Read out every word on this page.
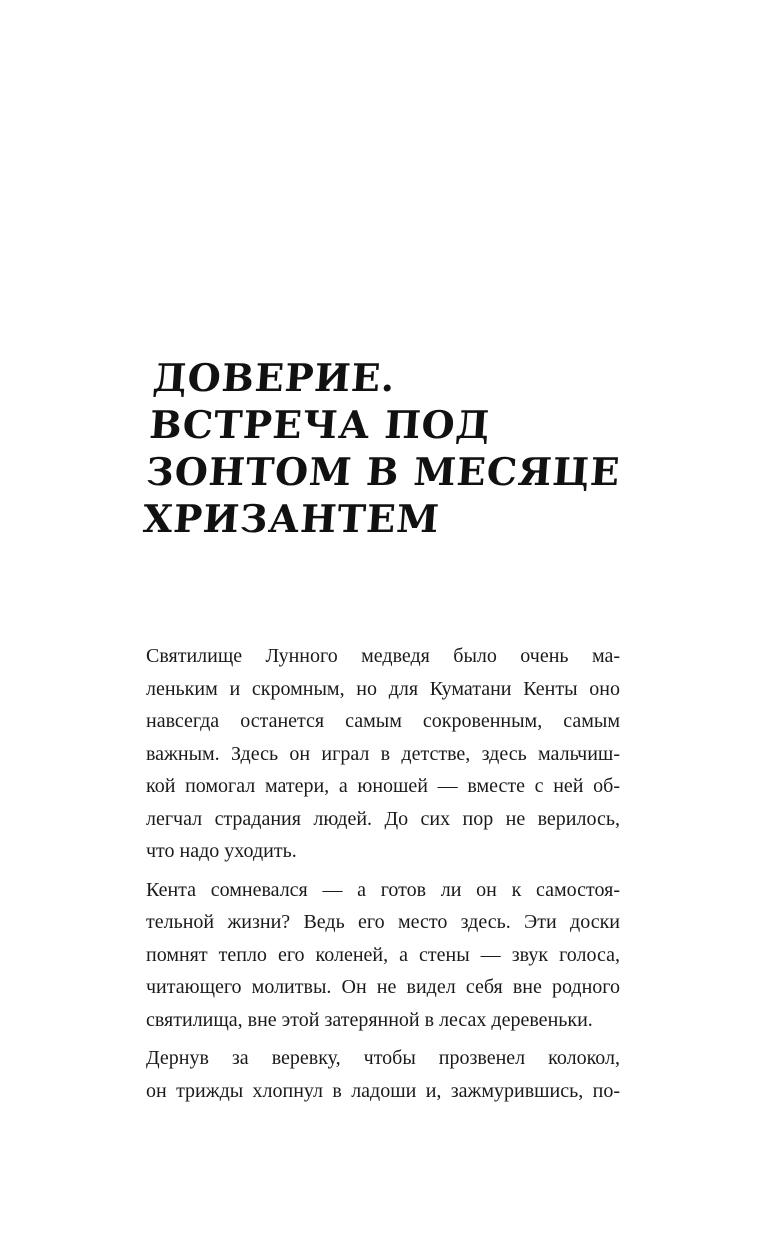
ДОВЕРИЕ.
ВСТРЕЧА ПОД
ЗОНТОМ В МЕСЯЦЕ
ХРИЗАНТЕМ

Святилище Лунного медведя было очень ма-
леньким и скромным, но для Куматани Кенты оно
навсегда останется самым сокровенным, самым
важным. Здесь он играл в детстве, здесь мальчиш-
кой помогал матери, а юношей — вместе с ней об-
легчал страдания людей. До сих пор не верилось,
что надо уходить.

Кента сомневался — а готов ли он к самостоя-
тельной жизни? Ведь его место здесь. Эти доски
помнят тепло его коленей, а стены — звук голоса,
читающего молитвы. Он не видел себя вне родного
святилища, вне этой затерянной в лесах деревеньки.

Дернув за веревку, чтобы прозвенел колокол,
он трижды хлопнул в ладоши и, зажмурившись, по-
